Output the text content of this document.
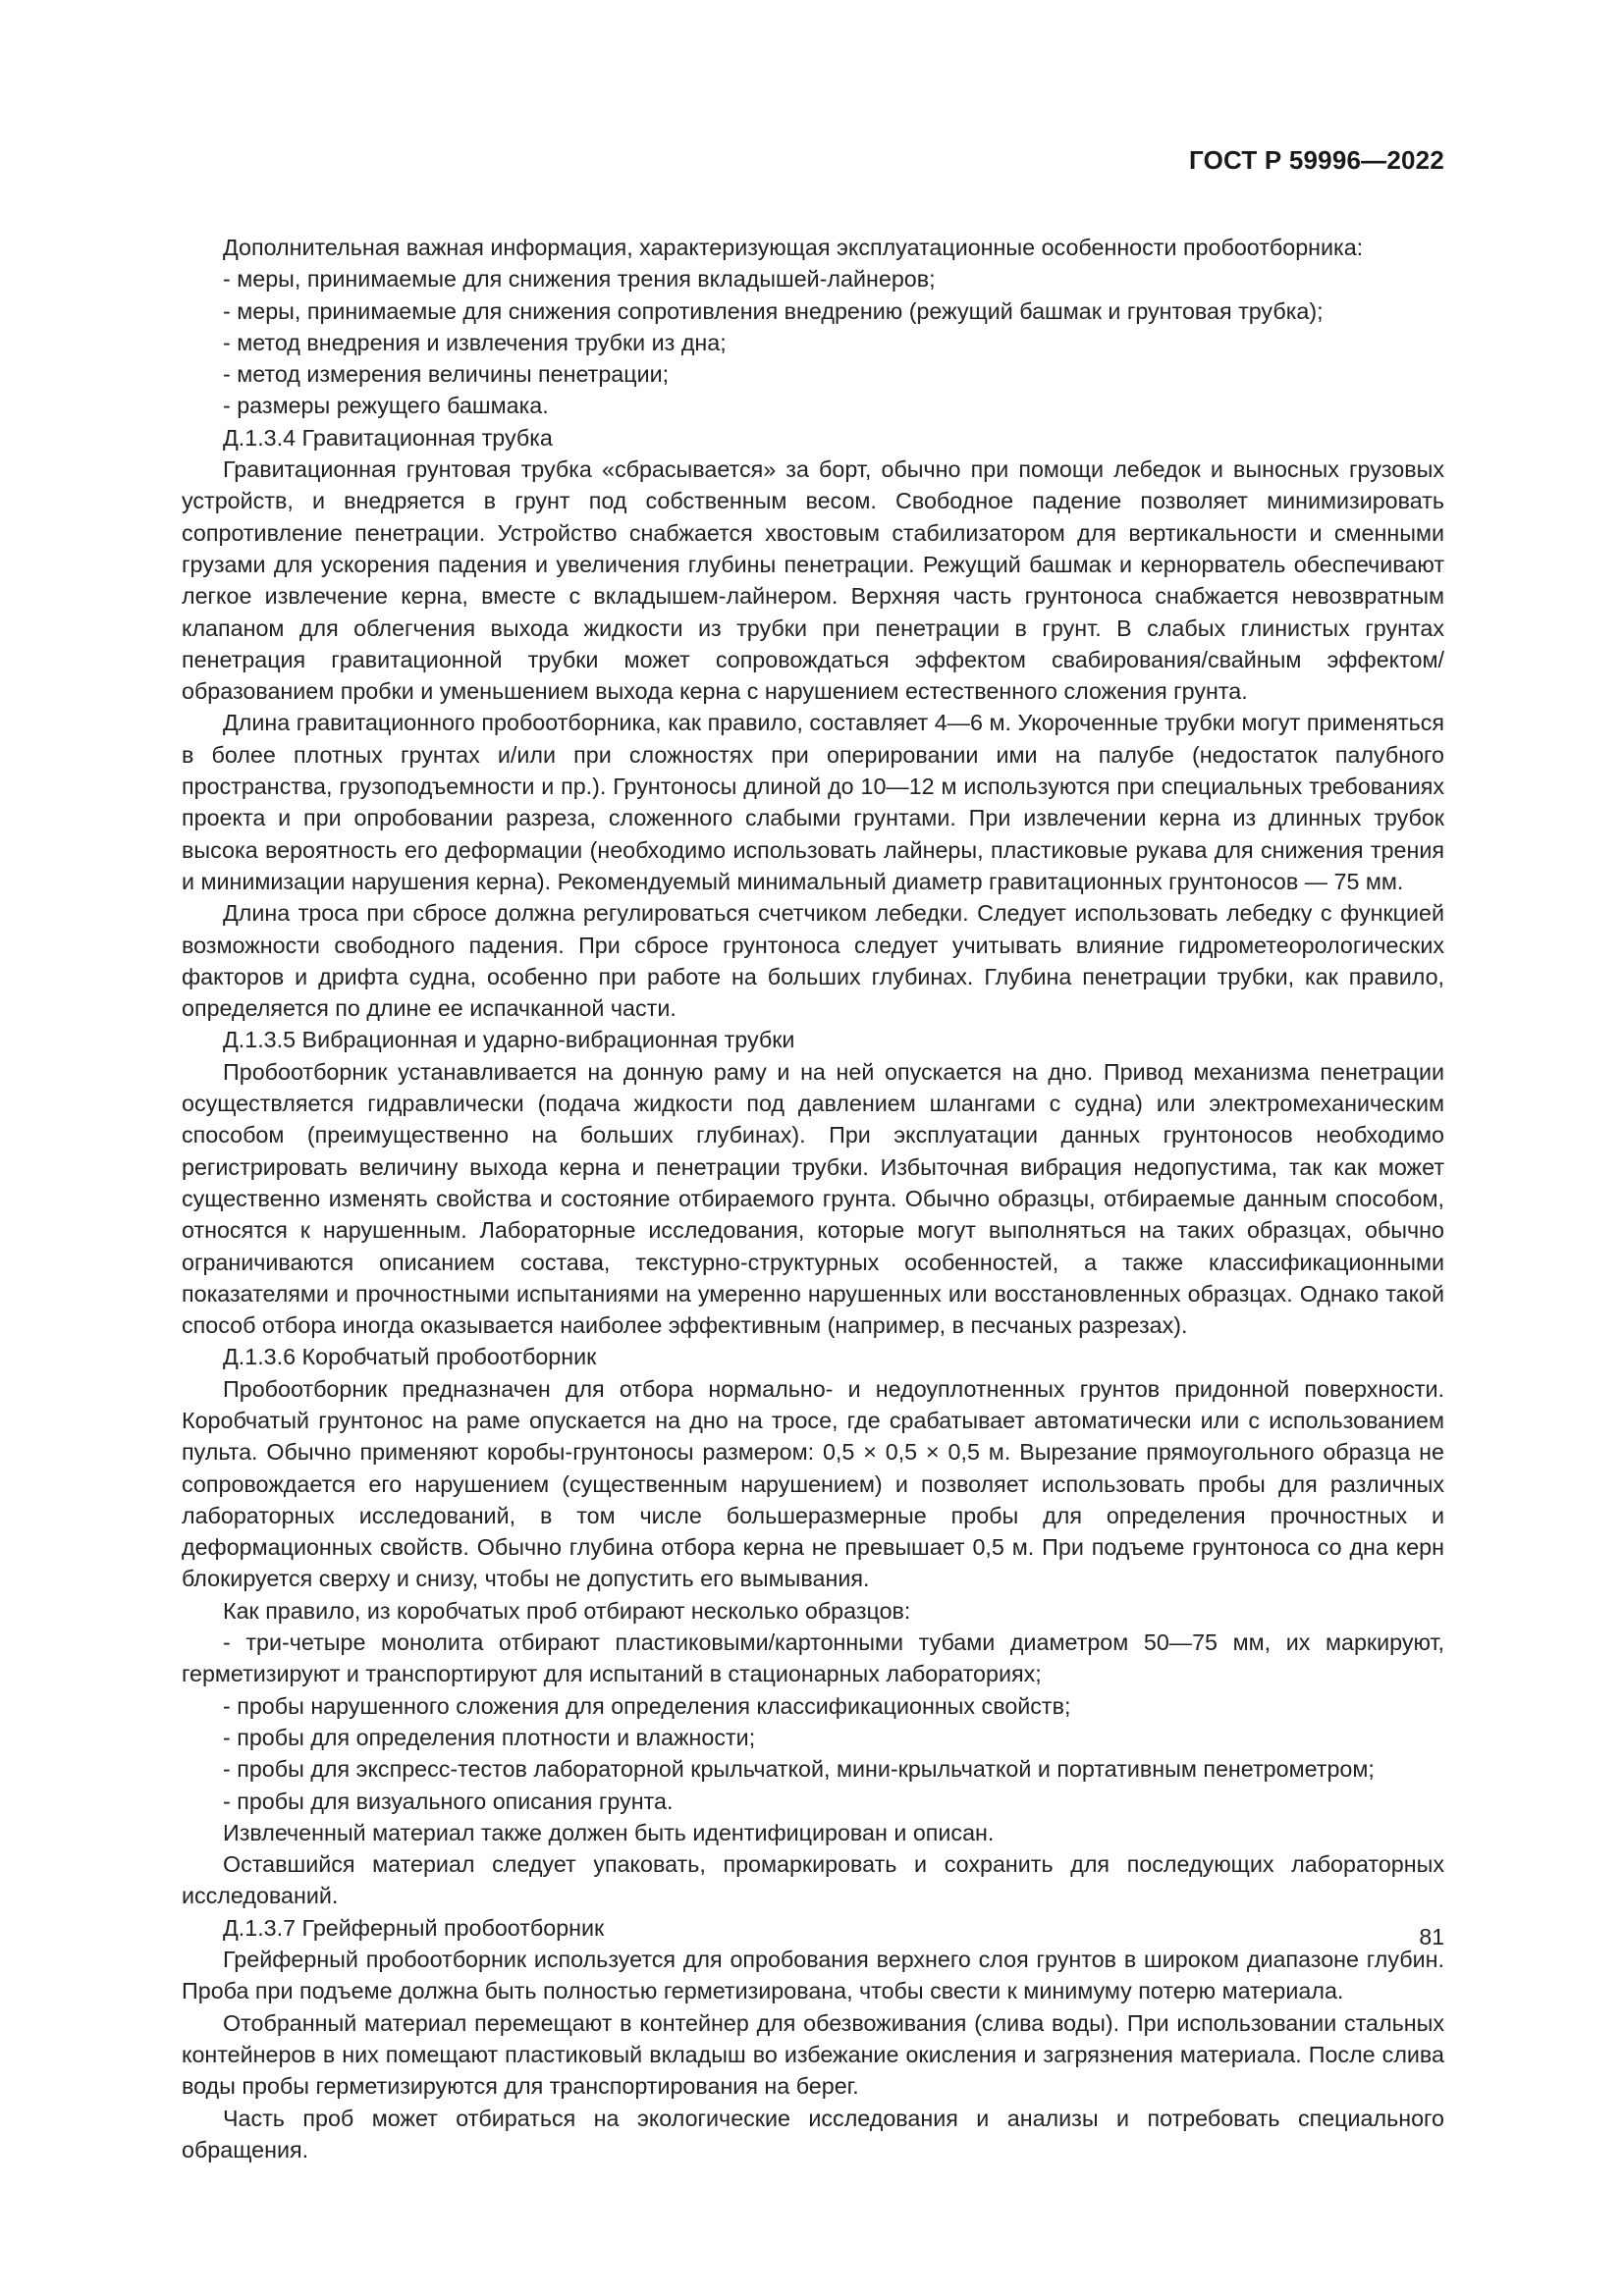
ГОСТ Р 59996—2022

Дополнительная важная информация, характеризующая эксплуатационные особенности пробоотборника:

- меры, принимаемые для снижения трения вкладышей-лайнеров;

- меры, принимаемые для снижения сопротивления внедрению (режущий башмак и грунтовая трубка);

- метод внедрения и извлечения трубки из дна;

- метод измерения величины пенетрации;

- размеры режущего башмака.

Д.1.3.4 Гравитационная трубка

Гравитационная грунтовая трубка «сбрасывается» за борт, обычно при помощи лебедок и выносных грузовых устройств, и внедряется в грунт под собственным весом. Свободное падение позволяет минимизировать сопротивление пенетрации. Устройство снабжается хвостовым стабилизатором для вертикальности и сменными грузами для ускорения падения и увеличения глубины пенетрации. Режущий башмак и кернорватель обеспечивают легкое извлечение керна, вместе с вкладышем-лайнером. Верхняя часть грунтоноса снабжается невозвратным клапаном для облегчения выхода жидкости из трубки при пенетрации в грунт. В слабых глинистых грунтах пенетрация гравитационной трубки может сопровождаться эффектом свабирования/свайным эффектом/образованием пробки и уменьшением выхода керна с нарушением естественного сложения грунта.

Длина гравитационного пробоотборника, как правило, составляет 4—6 м. Укороченные трубки могут применяться в более плотных грунтах и/или при сложностях при оперировании ими на палубе (недостаток палубного пространства, грузоподъемности и пр.). Грунтоносы длиной до 10—12 м используются при специальных требованиях проекта и при опробовании разреза, сложенного слабыми грунтами. При извлечении керна из длинных трубок высока вероятность его деформации (необходимо использовать лайнеры, пластиковые рукава для снижения трения и минимизации нарушения керна). Рекомендуемый минимальный диаметр гравитационных грунтоносов — 75 мм.

Длина троса при сбросе должна регулироваться счетчиком лебедки. Следует использовать лебедку с функцией возможности свободного падения. При сбросе грунтоноса следует учитывать влияние гидрометеорологических факторов и дрифта судна, особенно при работе на больших глубинах. Глубина пенетрации трубки, как правило, определяется по длине ее испачканной части.

Д.1.3.5 Вибрационная и ударно-вибрационная трубки

Пробоотборник устанавливается на донную раму и на ней опускается на дно. Привод механизма пенетрации осуществляется гидравлически (подача жидкости под давлением шлангами с судна) или электромеханическим способом (преимущественно на больших глубинах). При эксплуатации данных грунтоносов необходимо регистрировать величину выхода керна и пенетрации трубки. Избыточная вибрация недопустима, так как может существенно изменять свойства и состояние отбираемого грунта. Обычно образцы, отбираемые данным способом, относятся к нарушенным. Лабораторные исследования, которые могут выполняться на таких образцах, обычно ограничиваются описанием состава, текстурно-структурных особенностей, а также классификационными показателями и прочностными испытаниями на умеренно нарушенных или восстановленных образцах. Однако такой способ отбора иногда оказывается наиболее эффективным (например, в песчаных разрезах).

Д.1.3.6 Коробчатый пробоотборник

Пробоотборник предназначен для отбора нормально- и недоуплотненных грунтов придонной поверхности. Коробчатый грунтонос на раме опускается на дно на тросе, где срабатывает автоматически или с использованием пульта. Обычно применяют коробы-грунтоносы размером: 0,5 × 0,5 × 0,5 м. Вырезание прямоугольного образца не сопровождается его нарушением (существенным нарушением) и позволяет использовать пробы для различных лабораторных исследований, в том числе большеразмерные пробы для определения прочностных и деформационных свойств. Обычно глубина отбора керна не превышает 0,5 м. При подъеме грунтоноса со дна керн блокируется сверху и снизу, чтобы не допустить его вымывания.

Как правило, из коробчатых проб отбирают несколько образцов:

- три-четыре монолита отбирают пластиковыми/картонными тубами диаметром 50—75 мм, их маркируют, герметизируют и транспортируют для испытаний в стационарных лабораториях;

- пробы нарушенного сложения для определения классификационных свойств;

- пробы для определения плотности и влажности;

- пробы для экспресс-тестов лабораторной крыльчаткой, мини-крыльчаткой и портативным пенетрометром;

- пробы для визуального описания грунта.

Извлеченный материал также должен быть идентифицирован и описан.

Оставшийся материал следует упаковать, промаркировать и сохранить для последующих лабораторных исследований.

Д.1.3.7 Грейферный пробоотборник

Грейферный пробоотборник используется для опробования верхнего слоя грунтов в широком диапазоне глубин. Проба при подъеме должна быть полностью герметизирована, чтобы свести к минимуму потерю материала.

Отобранный материал перемещают в контейнер для обезвоживания (слива воды). При использовании стальных контейнеров в них помещают пластиковый вкладыш во избежание окисления и загрязнения материала. После слива воды пробы герметизируются для транспортирования на берег.

Часть проб может отбираться на экологические исследования и анализы и потребовать специального обращения.

81
